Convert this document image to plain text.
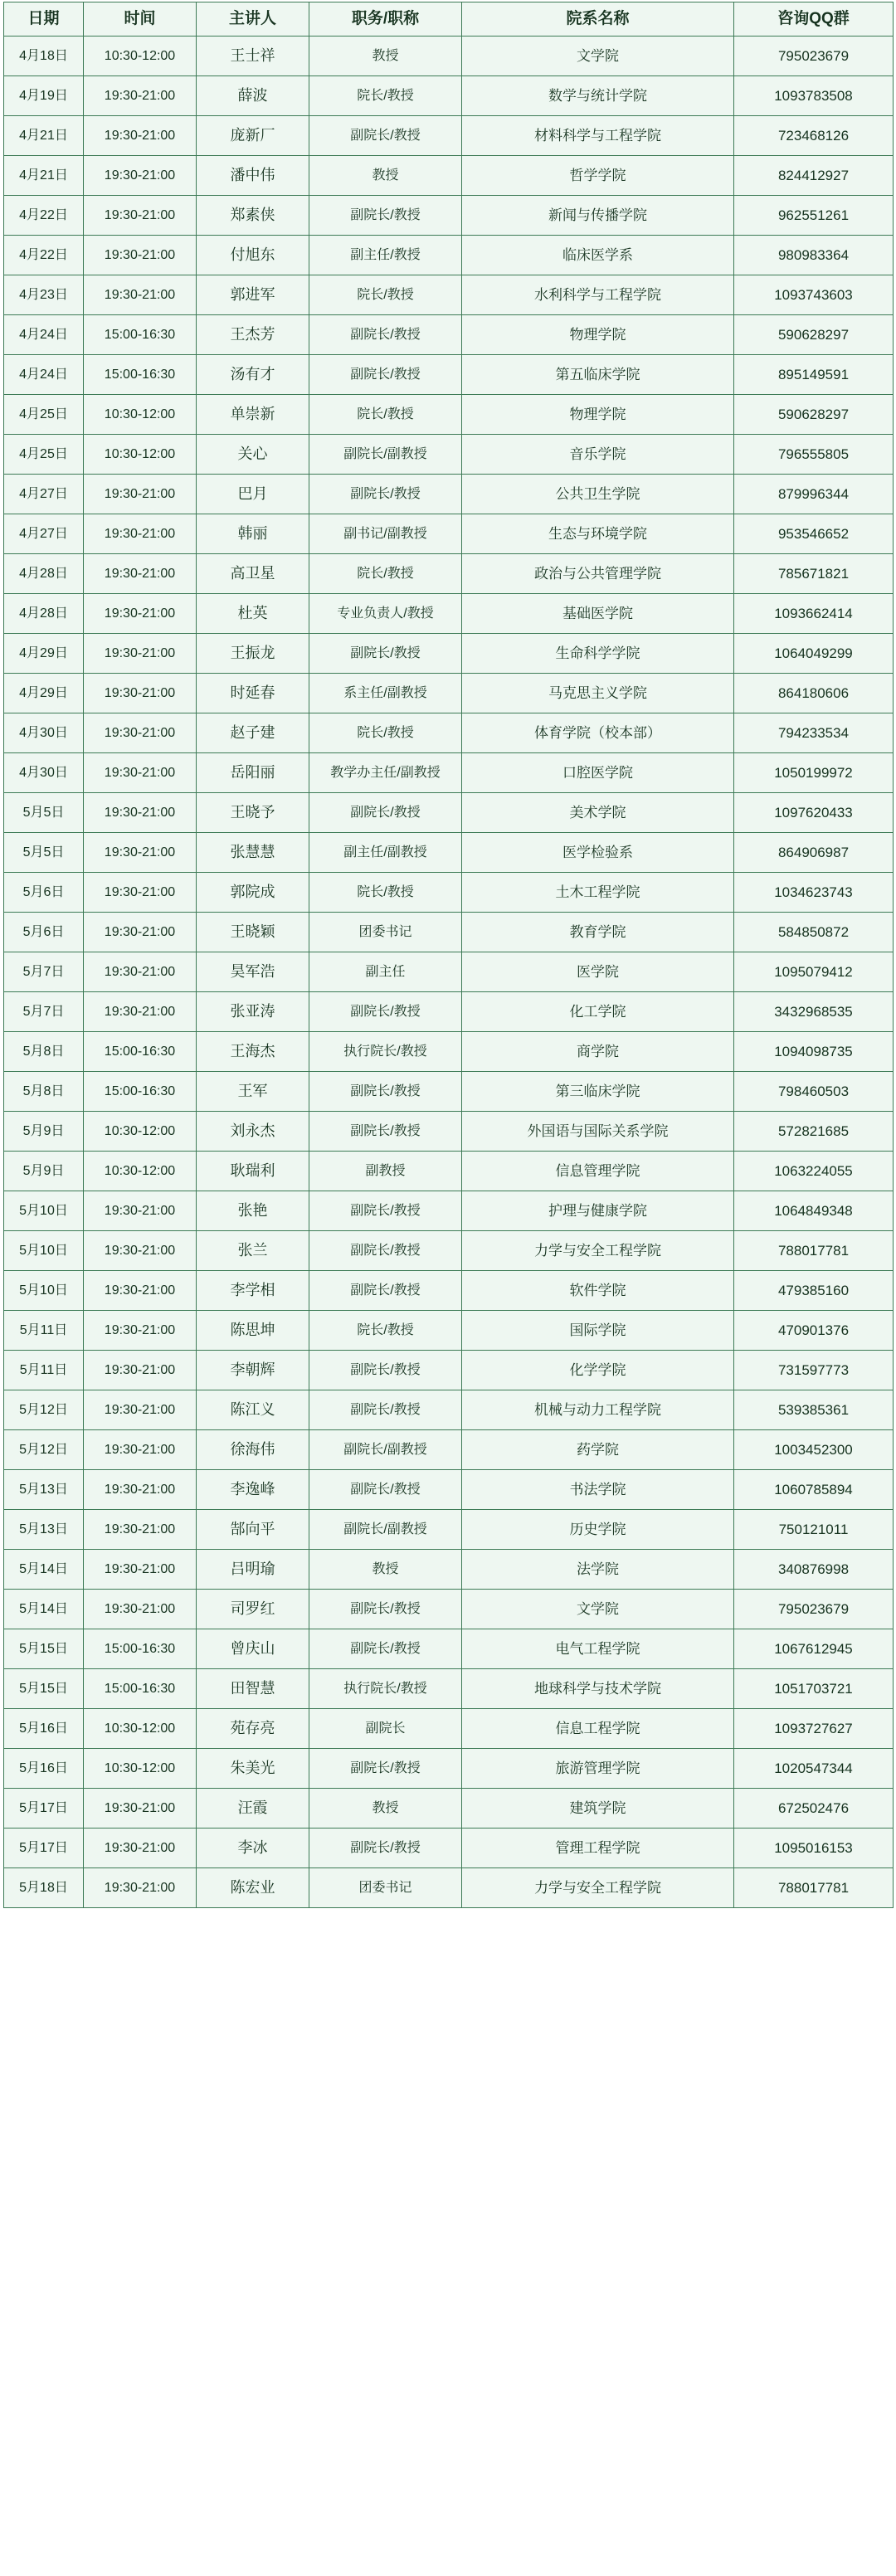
日期	时间	主讲人	职务/职称	院系名称	咨询QQ群
4月18日	10:30-12:00	王士祥	教授	文学院	795023679
4月19日	19:30-21:00	薛波	院长/教授	数学与统计学院	1093783508
4月21日	19:30-21:00	庞新厂	副院长/教授	材料科学与工程学院	723468126
4月21日	19:30-21:00	潘中伟	教授	哲学学院	824412927
4月22日	19:30-21:00	郑素侠	副院长/教授	新闻与传播学院	962551261
4月22日	19:30-21:00	付旭东	副主任/教授	临床医学系	980983364
4月23日	19:30-21:00	郭进军	院长/教授	水利科学与工程学院	1093743603
4月24日	15:00-16:30	王杰芳	副院长/教授	物理学院	590628297
4月24日	15:00-16:30	汤有才	副院长/教授	第五临床学院	895149591
4月25日	10:30-12:00	单崇新	院长/教授	物理学院	590628297
4月25日	10:30-12:00	关心	副院长/副教授	音乐学院	796555805
4月27日	19:30-21:00	巴月	副院长/教授	公共卫生学院	879996344
4月27日	19:30-21:00	韩丽	副书记/副教授	生态与环境学院	953546652
4月28日	19:30-21:00	高卫星	院长/教授	政治与公共管理学院	785671821
4月28日	19:30-21:00	杜英	专业负责人/教授	基础医学院	1093662414
4月29日	19:30-21:00	王振龙	副院长/教授	生命科学学院	1064049299
4月29日	19:30-21:00	时延春	系主任/副教授	马克思主义学院	864180606
4月30日	19:30-21:00	赵子建	院长/教授	体育学院（校本部）	794233534
4月30日	19:30-21:00	岳阳丽	教学办主任/副教授	口腔医学院	1050199972
5月5日	19:30-21:00	王晓予	副院长/教授	美术学院	1097620433
5月5日	19:30-21:00	张慧慧	副主任/副教授	医学检验系	864906987
5月6日	19:30-21:00	郭院成	院长/教授	土木工程学院	1034623743
5月6日	19:30-21:00	王晓颖	团委书记	教育学院	584850872
5月7日	19:30-21:00	昊军浩	副主任	医学院	1095079412
5月7日	19:30-21:00	张亚涛	副院长/教授	化工学院	3432968535
5月8日	15:00-16:30	王海杰	执行院长/教授	商学院	1094098735
5月8日	15:00-16:30	王军	副院长/教授	第三临床学院	798460503
5月9日	10:30-12:00	刘永杰	副院长/教授	外国语与国际关系学院	572821685
5月9日	10:30-12:00	耿瑞利	副教授	信息管理学院	1063224055
5月10日	19:30-21:00	张艳	副院长/教授	护理与健康学院	1064849348
5月10日	19:30-21:00	张兰	副院长/教授	力学与安全工程学院	788017781
5月10日	19:30-21:00	李学相	副院长/教授	软件学院	479385160
5月11日	19:30-21:00	陈思坤	院长/教授	国际学院	470901376
5月11日	19:30-21:00	李朝辉	副院长/教授	化学学院	731597773
5月12日	19:30-21:00	陈江义	副院长/教授	机械与动力工程学院	539385361
5月12日	19:30-21:00	徐海伟	副院长/副教授	药学院	1003452300
5月13日	19:30-21:00	李逸峰	副院长/教授	书法学院	1060785894
5月13日	19:30-21:00	郜向平	副院长/副教授	历史学院	750121011
5月14日	19:30-21:00	吕明瑜	教授	法学院	340876998
5月14日	19:30-21:00	司罗红	副院长/教授	文学院	795023679
5月15日	15:00-16:30	曾庆山	副院长/教授	电气工程学院	1067612945
5月15日	15:00-16:30	田智慧	执行院长/教授	地球科学与技术学院	1051703721
5月16日	10:30-12:00	苑存亮	副院长	信息工程学院	1093727627
5月16日	10:30-12:00	朱美光	副院长/教授	旅游管理学院	1020547344
5月17日	19:30-21:00	汪霞	教授	建筑学院	672502476
5月17日	19:30-21:00	李冰	副院长/教授	管理工程学院	1095016153
5月18日	19:30-21:00	陈宏业	团委书记	力学与安全工程学院	788017781
